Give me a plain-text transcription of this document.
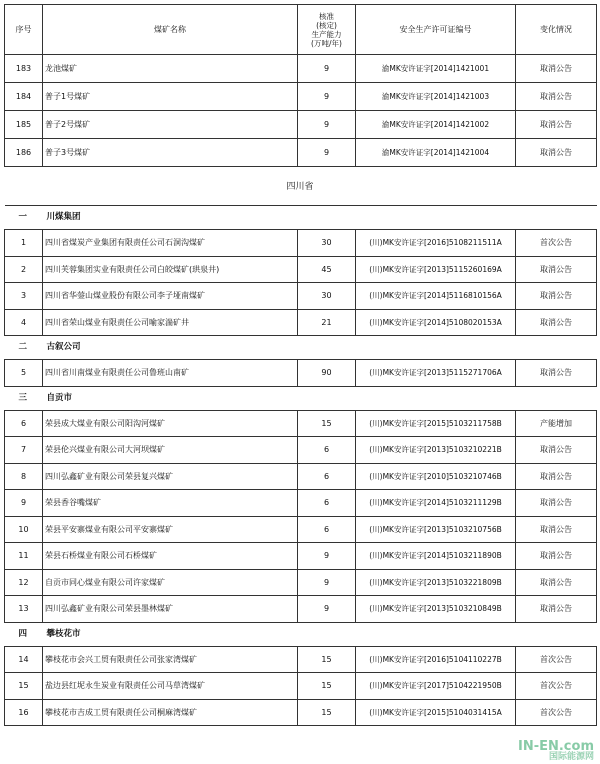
序号	煤矿名称	核准
(核定)
生产能力
(万吨/年)	安全生产许可证编号	变化情况
183	龙池煤矿	9	渝MK安许证字[2014]1421001	取消公告
184	普子1号煤矿	9	渝MK安许证字[2014]1421003	取消公告
185	普子2号煤矿	9	渝MK安许证字[2014]1421002	取消公告
186	普子3号煤矿	9	渝MK安许证字[2014]1421004	取消公告
四川省
一	川煤集团			
1	四川省煤炭产业集团有限责任公司石洞沟煤矿	30	(川)MK安许证字[2016]5108211511A	首次公告
2	四川芙蓉集团实业有限责任公司白皎煤矿(珙泉井)	45	(川)MK安许证字[2013]5115260169A	取消公告
3	四川省华蓥山煤业股份有限公司李子垭南煤矿	30	(川)MK安许证字[2014]5116810156A	取消公告
4	四川省荣山煤业有限责任公司喻家湍矿井	21	(川)MK安许证字[2014]5108020153A	取消公告
二	古叙公司			
5	四川省川南煤业有限责任公司鲁班山南矿	90	(川)MK安许证字[2013]5115271706A	取消公告
三	自贡市			
6	荣县成大煤业有限公司阳沟河煤矿	15	(川)MK安许证字[2015]5103211758B	产能增加
7	荣县伦兴煤业有限公司大河坝煤矿	6	(川)MK安许证字[2013]5103210221B	取消公告
8	四川弘鑫矿业有限公司荣县复兴煤矿	6	(川)MK安许证字[2010]5103210746B	取消公告
9	荣县香谷嘴煤矿	6	(川)MK安许证字[2014]5103211129B	取消公告
10	荣县平安寨煤业有限公司平安寨煤矿	6	(川)MK安许证字[2013]5103210756B	取消公告
11	荣县石桥煤业有限公司石桥煤矿	9	(川)MK安许证字[2014]5103211890B	取消公告
12	自贡市同心煤业有限公司许家煤矿	9	(川)MK安许证字[2013]5103221809B	取消公告
13	四川弘鑫矿业有限公司荣县墨林煤矿	9	(川)MK安许证字[2013]5103210849B	取消公告
四	攀枝花市			
14	攀枝花市会兴工贸有限责任公司张家湾煤矿	15	(川)MK安许证字[2016]5104110227B	首次公告
15	盐边县红坭永生炭业有限责任公司马草湾煤矿	15	(川)MK安许证字[2017]5104221950B	首次公告
16	攀枝花市吉成工贸有限责任公司桐麻湾煤矿	15	(川)MK安许证字[2015]5104031415A	首次公告
IN-EN.com
国际能源网
